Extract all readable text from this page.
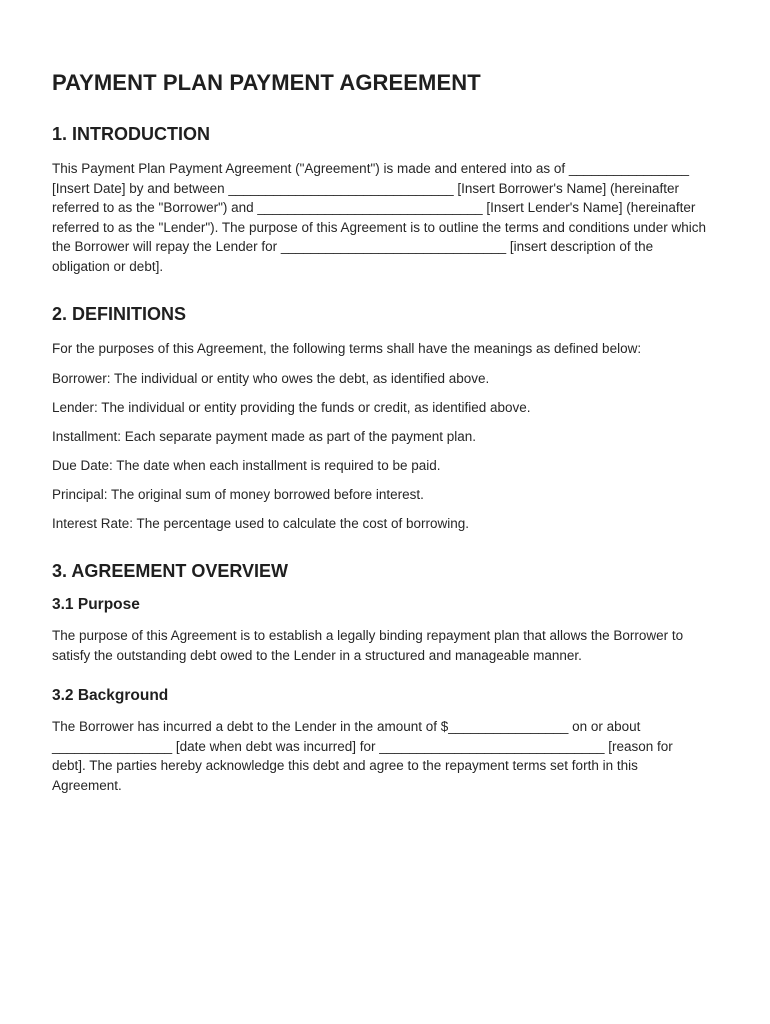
PAYMENT PLAN PAYMENT AGREEMENT
1. INTRODUCTION

This Payment Plan Payment Agreement ("Agreement") is made and entered into as of ________________ [Insert Date] by and between ______________________________ [Insert Borrower's Name] (hereinafter referred to as the "Borrower") and ______________________________ [Insert Lender's Name] (hereinafter referred to as the "Lender"). The purpose of this Agreement is to outline the terms and conditions under which the Borrower will repay the Lender for ______________________________ [insert description of the obligation or debt].

2. DEFINITIONS

For the purposes of this Agreement, the following terms shall have the meanings as defined below:

Borrower: The individual or entity who owes the debt, as identified above.

Lender: The individual or entity providing the funds or credit, as identified above.

Installment: Each separate payment made as part of the payment plan.

Due Date: The date when each installment is required to be paid.

Principal: The original sum of money borrowed before interest.

Interest Rate: The percentage used to calculate the cost of borrowing.

3. AGREEMENT OVERVIEW
3.1 Purpose

The purpose of this Agreement is to establish a legally binding repayment plan that allows the Borrower to satisfy the outstanding debt owed to the Lender in a structured and manageable manner.

3.2 Background

The Borrower has incurred a debt to the Lender in the amount of $________________ on or about ________________ [date when debt was incurred] for ______________________________ [reason for debt]. The parties hereby acknowledge this debt and agree to the repayment terms set forth in this Agreement.
